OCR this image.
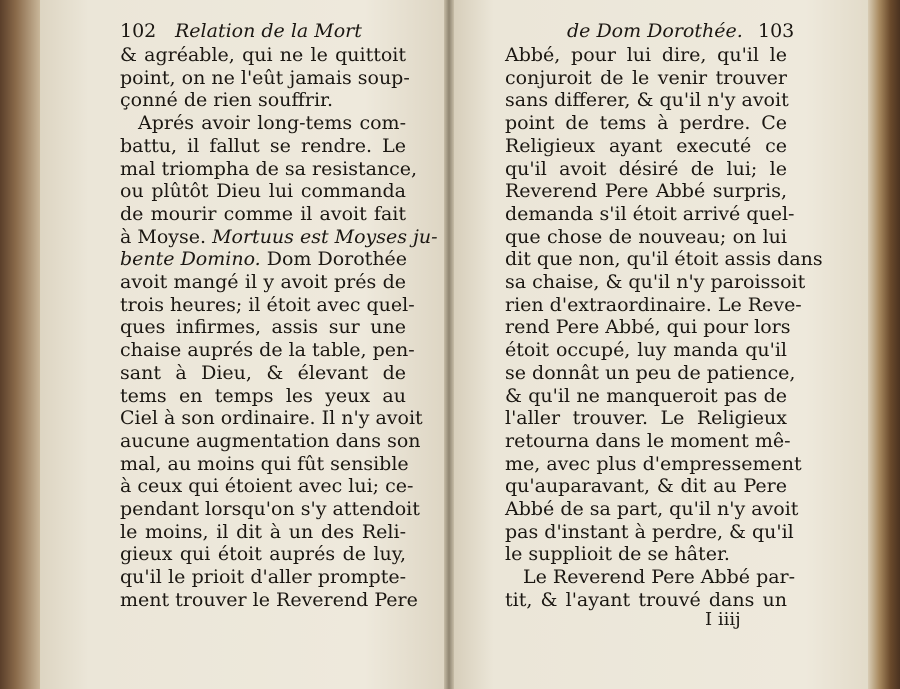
102 Relation de la Mort	de Dom Dorothée. 103
& agréable, qui ne le quittoit
point, on ne l'eût jamais soup-
çonné de rien souffrir.
Aprés avoir long-tems com-
battu, il fallut se rendre. Le
mal triompha de sa resistance,
ou plûtôt Dieu lui commanda
de mourir comme il avoit fait
à Moyse. Mortuus est Moyses ju-
bente Domino. Dom Dorothée
avoit mangé il y avoit prés de
trois heures; il étoit avec quel-
ques infirmes, assis sur une
chaise auprés de la table, pen-
sant à Dieu, & élevant de
tems en temps les yeux au
Ciel à son ordinaire. Il n'y avoit
aucune augmentation dans son
mal, au moins qui fût sensible
à ceux qui étoient avec lui; ce-
pendant lorsqu'on s'y attendoit
le moins, il dit à un des Reli-
gieux qui étoit auprés de luy,
qu'il le prioit d'aller promptе-
ment trouver le Reverend Pere
Abbé, pour lui dire, qu'il le
conjuroit de le venir trouver
sans differer, & qu'il n'y avoit
point de tems à perdre. Ce
Religieux ayant executé ce
qu'il avoit désiré de lui; le
Reverend Pere Abbé surpris,
demanda s'il étoit arrivé quel-
que chose de nouveau; on lui
dit que non, qu'il étoit assis dans
sa chaise, & qu'il n'y paroissoit
rien d'extraordinaire. Le Reve-
rend Pere Abbé, qui pour lors
étoit occupé, luy manda qu'il
se donnât un peu de patience,
& qu'il ne manqueroit pas de
l'aller trouver. Le Religieux
retourna dans le moment mê-
me, avec plus d'empressement
qu'auparavant, & dit au Pere
Abbé de sa part, qu'il n'y avoit
pas d'instant à perdre, & qu'il
le supplioit de se hâter.
Le Reverend Pere Abbé par-
tit, & l'ayant trouvé dans un
I iiij
